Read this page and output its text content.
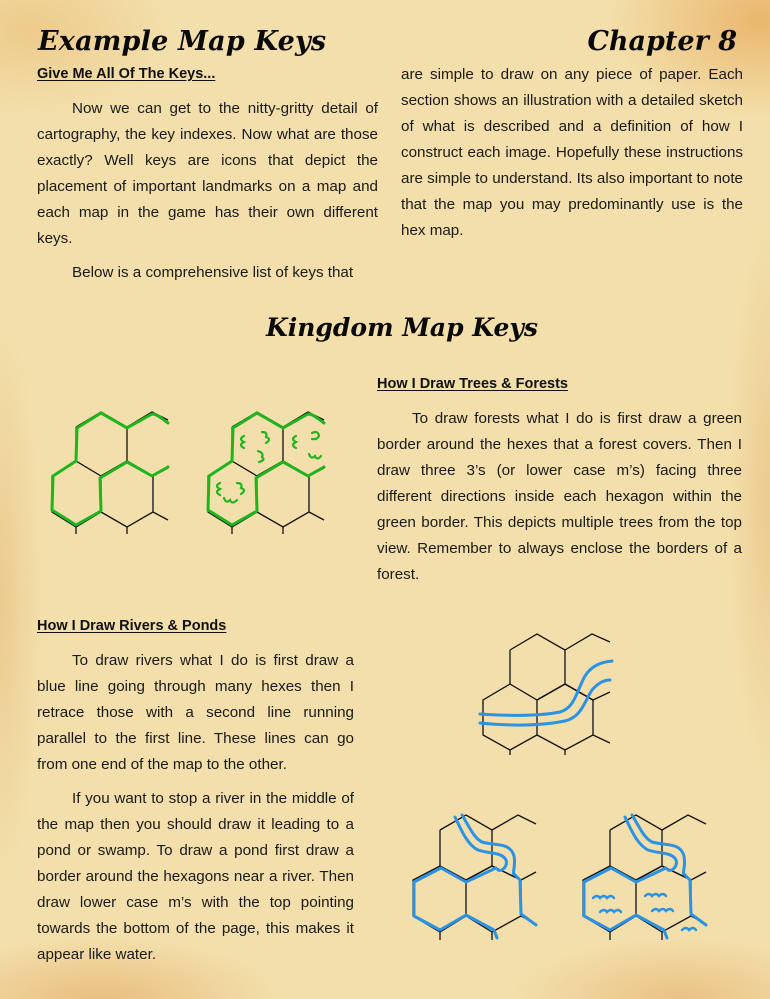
Example Map Keys	Chapter 8
Give Me All Of The Keys...

Now we can get to the nitty-gritty detail of cartography, the key indexes. Now what are those exactly? Well keys are icons that depict the placement of important landmarks on a map and each map in the game has their own different keys.

Below is a comprehensive list of keys that

are simple to draw on any piece of paper. Each section shows an illustration with a detailed sketch of what is described and a definition of how I construct each image. Hopefully these instructions are simple to understand. Its also important to note that the map you may predominantly use is the hex map.

Kingdom Map Keys
How I Draw Trees & Forests

To draw forests what I do is first draw a green border around the hexes that a forest covers. Then I draw three 3’s (or lower case m’s) facing three different directions inside each hexagon within the green border. This depicts multiple trees from the top view. Remember to always enclose the borders of a forest.

How I Draw Rivers & Ponds

To draw rivers what I do is first draw a blue line going through many hexes then I retrace those with a second line running parallel to the first line. These lines can go from one end of the map to the other.

If you want to stop a river in the middle of the map then you should draw it leading to a pond or swamp. To draw a pond first draw a border around the hexagons near a river. Then draw lower case m’s with the top pointing towards the bottom of the page, this makes it appear like water.
